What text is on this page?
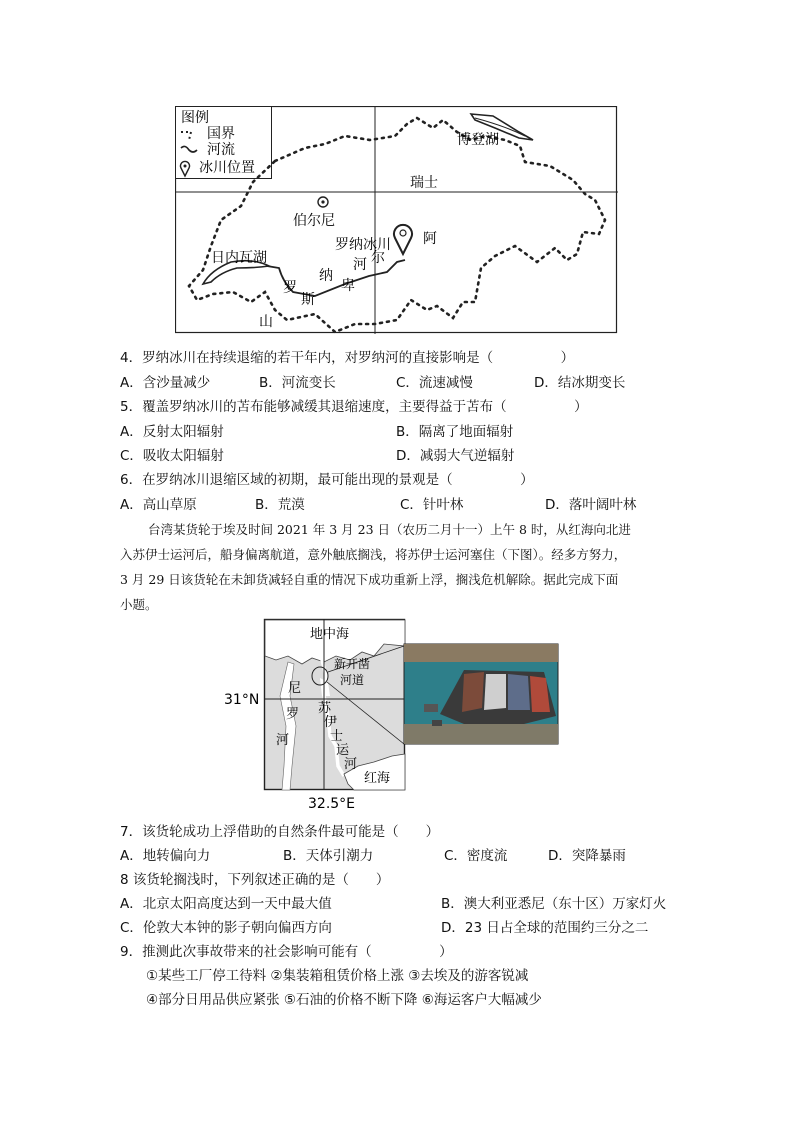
图例
国界
河流
冰川位置
博登湖
瑞士
伯尔尼
罗纳冰川 阿
日内瓦湖
罗
纳
河
卑
尔
斯
山
4．罗纳冰川在持续退缩的若干年内，对罗纳河的直接影响是（　　　　　）
A．含沙量减少	B．河流变长	C．流速减慢	D．结冰期变长
5．覆盖罗纳冰川的苫布能够减缓其退缩速度，主要得益于苫布（　　　　　）
A．反射太阳辐射	B．隔离了地面辐射
C．吸收太阳辐射	D．减弱大气逆辐射
6．在罗纳冰川退缩区域的初期，最可能出现的景观是（　　　　　）
A．高山草原	B．荒漠	C．针叶林	D．落叶阔叶林
台湾某货轮于埃及时间 2021 年 3 月 23 日（农历二月十一）上午 8 时，从红海向北进
入苏伊士运河后，船身偏离航道，意外触底搁浅，将苏伊士运河塞住（下图）。经多方努力，
3 月 29 日该货轮在未卸货减轻自重的情况下成功重新上浮，搁浅危机解除。据此完成下面
小题。
地中海
新开凿
河道
尼
罗
河
苏
伊
士
运
河
红海
31°N
32.5°E
7．该货轮成功上浮借助的自然条件最可能是（　　）
A．地转偏向力	B．天体引潮力	C．密度流	D．突降暴雨
8 该货轮搁浅时，下列叙述正确的是（　　）
A．北京太阳高度达到一天中最大值	B．澳大利亚悉尼（东十区）万家灯火
C．伦敦大本钟的影子朝向偏西方向	D．23 日占全球的范围约三分之二
9．推测此次事故带来的社会影响可能有（　　　　　）
①某些工厂停工待料 ②集装箱租赁价格上涨 ③去埃及的游客锐减
④部分日用品供应紧张 ⑤石油的价格不断下降 ⑥海运客户大幅减少
